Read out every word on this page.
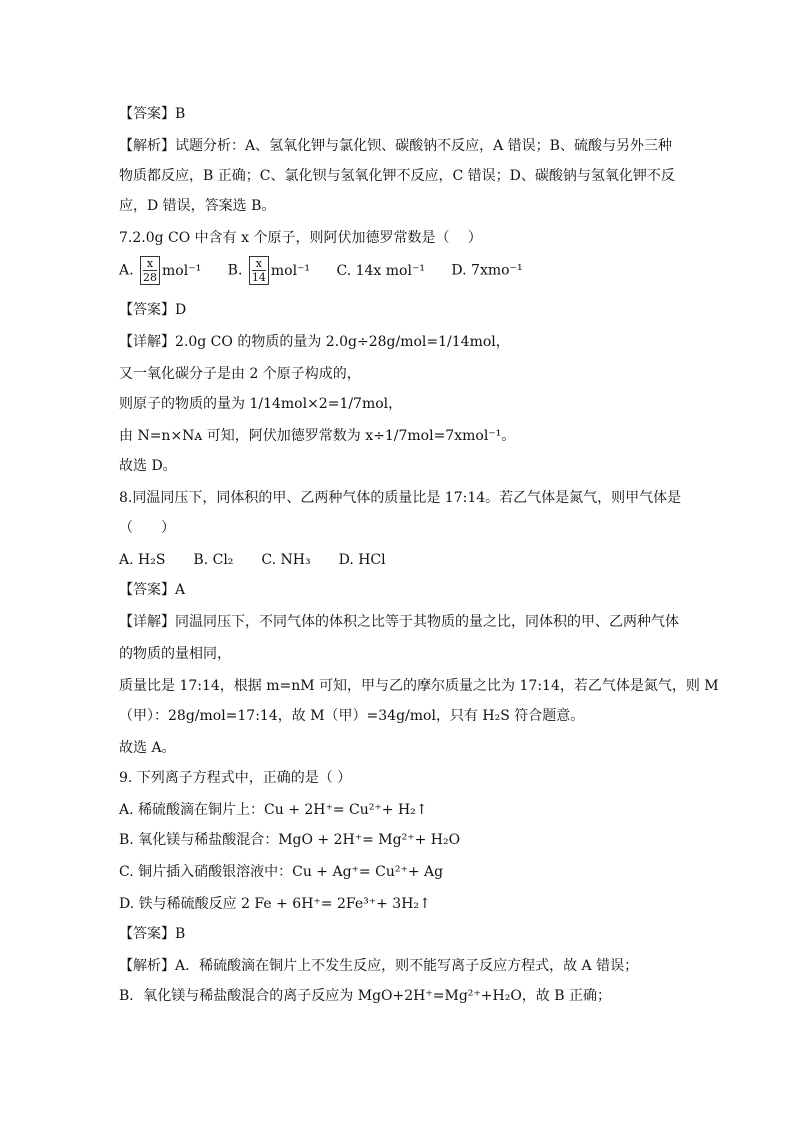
【答案】B
【解析】试题分析：A、氢氧化钾与氯化钡、碳酸钠不反应，A 错误；B、硫酸与另外三种
物质都反应，B 正确；C、氯化钡与氢氧化钾不反应，C 错误；D、碳酸钠与氢氧化钾不反
应，D 错误，答案选 B。
7.2.0g CO 中含有 x 个原子，则阿伏加德罗常数是（　 ）
A. $\frac{x}{28} mol^{-1}$ B. $\frac{x}{14} mol^{-1}$ C. 14x mol⁻¹ D. 7xmo⁻¹
【答案】D
【详解】2.0g CO 的物质的量为 2.0g÷28g/mol=1/14mol，
又一氧化碳分子是由 2 个原子构成的，
则原子的物质的量为 1/14mol×2=1/7mol，
由 N=n×Nᴀ 可知，阿伏加德罗常数为 x÷1/7mol=7xmol⁻¹。
故选 D。
8.同温同压下，同体积的甲、乙两种气体的质量比是 17:14。若乙气体是氮气，则甲气体是
（　　）
A. H₂S　　B. Cl₂　　C. NH₃　　D. HCl
【答案】A
【详解】同温同压下，不同气体的体积之比等于其物质的量之比，同体积的甲、乙两种气体
的物质的量相同，
质量比是 17:14，根据 m=nM 可知，甲与乙的摩尔质量之比为 17:14，若乙气体是氮气，则 M
（甲）：28g/mol=17:14，故 M（甲）=34g/mol，只有 H₂S 符合题意。
故选 A。
9. 下列离子方程式中，正确的是（ ）
A. 稀硫酸滴在铜片上：Cu + 2H⁺= Cu²⁺+ H₂↑
B. 氧化镁与稀盐酸混合：MgO + 2H⁺= Mg²⁺+ H₂O
C. 铜片插入硝酸银溶液中：Cu + Ag⁺= Cu²⁺+ Ag
D. 铁与稀硫酸反应 2 Fe + 6H⁺= 2Fe³⁺+ 3H₂↑
【答案】B
【解析】A．稀硫酸滴在铜片上不发生反应，则不能写离子反应方程式，故 A 错误；
B．氧化镁与稀盐酸混合的离子反应为 MgO+2H⁺=Mg²⁺+H₂O，故 B 正确；
